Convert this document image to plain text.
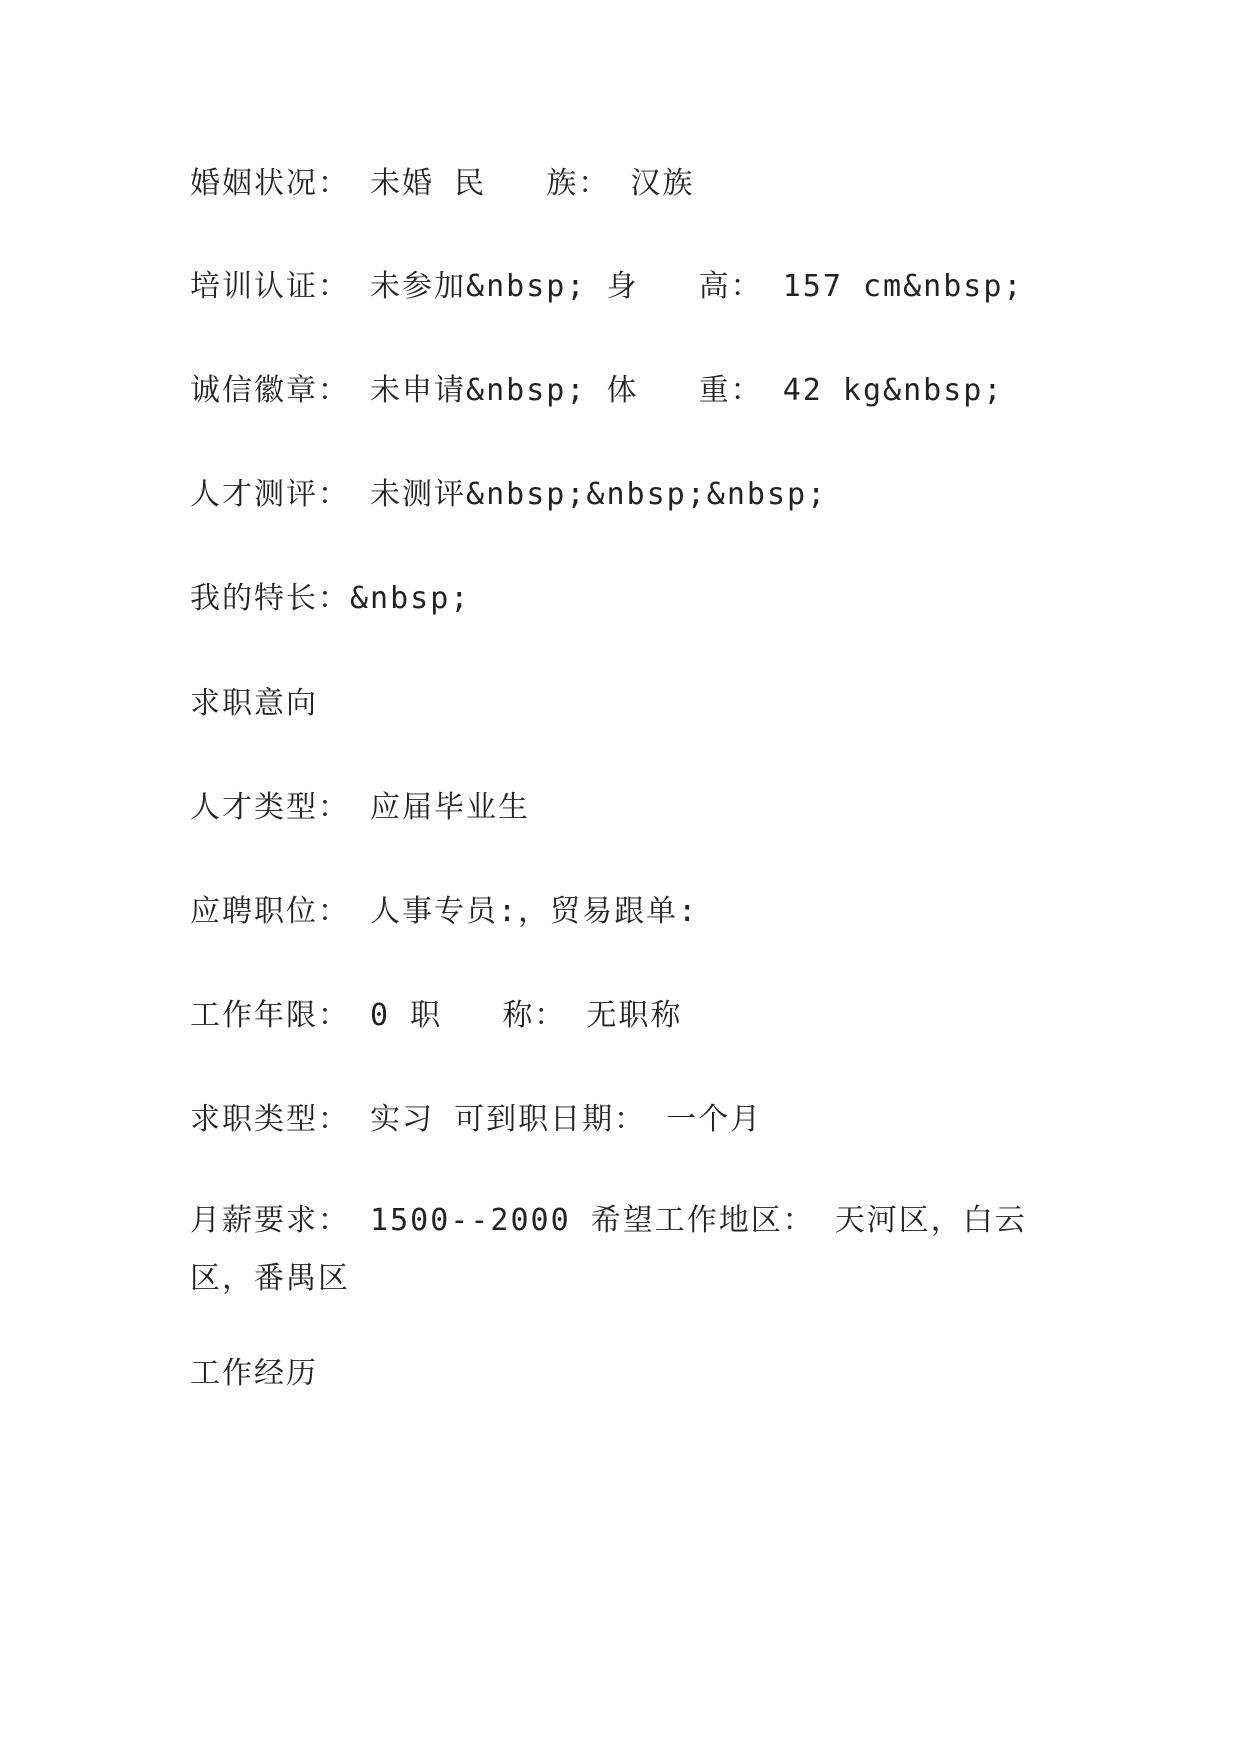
婚姻状况： 未婚 民   族： 汉族
培训认证： 未参加&nbsp; 身   高： 157 cm&nbsp;
诚信徽章： 未申请&nbsp; 体   重： 42 kg&nbsp;
人才测评： 未测评&nbsp;&nbsp;&nbsp;
我的特长：&nbsp;
求职意向
人才类型： 应届毕业生
应聘职位： 人事专员:，贸易跟单:
工作年限： 0 职   称： 无职称
求职类型： 实习 可到职日期： 一个月
月薪要求： 1500--2000 希望工作地区： 天河区，白云区，番禺区
工作经历
